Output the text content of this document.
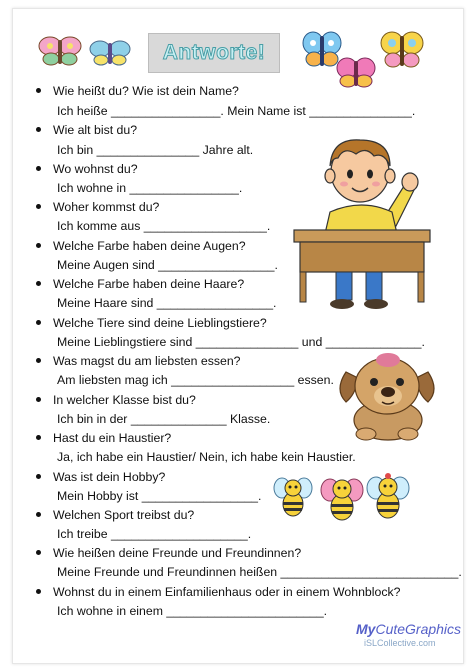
Antworte!
Wie heißt du? Wie ist dein Name?
Ich heiße ________________. Mein Name ist _______________.
Wie alt bist du?
Ich bin _______________ Jahre alt.
Wo wohnst du?
Ich wohne in ________________.
Woher kommst du?
Ich komme aus __________________.
Welche Farbe haben deine Augen?
Meine Augen sind _________________.
Welche Farbe haben deine Haare?
Meine Haare sind _________________.
Welche Tiere sind deine Lieblingstiere?
Meine Lieblingstiere sind _______________ und ______________.
Was magst du am liebsten essen?
Am liebsten mag ich __________________ essen.
In welcher Klasse bist du?
Ich bin in der ______________ Klasse.
Hast du ein Haustier?
Ja, ich habe ein Haustier/ Nein, ich habe kein Haustier.
Was ist dein Hobby?
Mein Hobby ist _________________.
Welchen Sport treibst du?
Ich treibe ____________________.
Wie heißen deine Freunde und Freundinnen?
Meine Freunde und Freundinnen heißen __________________________.
Wohnst du in einem Einfamilienhaus oder in einem Wohnblock?
Ich wohne in einem _______________________.
MyCuteGraphics
iSLCollective.com
